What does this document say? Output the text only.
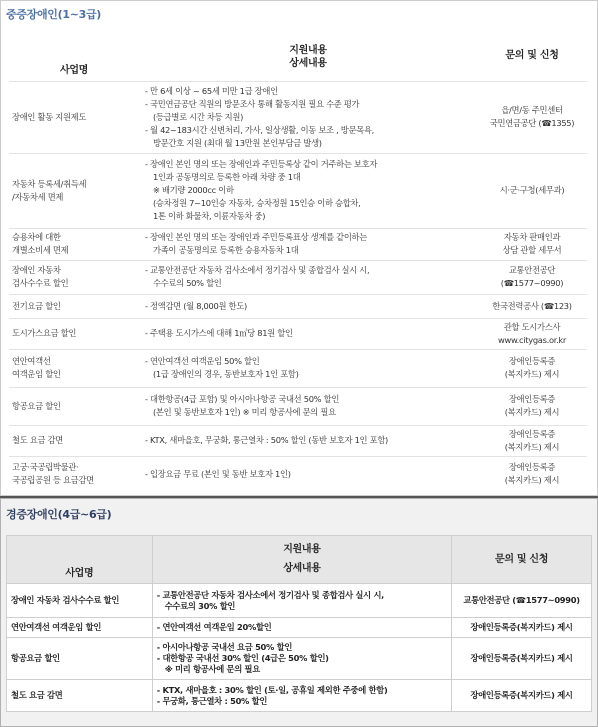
중증장애인(1~3급)
사업명	지원내용	문의 및 신청
	상세내용	

장애인 활동 지원제도	- 만 6세 이상 ~ 65세 미만 1급 장애인
- 국민연금공단 직원의 방문조사 통해 활동지원 필요 수준 평가
(등급별로 시간 차등 지원)
- 월 42~183시간 신변처리, 가사, 일상생활, 이동 보조 , 방문목욕,
방문간호 지원 (최대 월 13만원 본인부담금 발생)	읍/면/동 주민센터
국민연금공단 (☎1355)

자동차 등록세/취득세
/자동차세 면제	- 장애인 본인 명의 또는 장애인과 주민등록상 같이 거주하는 보호자
1인과 공동명의로 등록한 아래 차량 중 1대
※ 배기량 2000cc 이하
(승차정원 7~10인승 자동차, 승차정원 15인승 이하 승합차,
1톤 이하 화물차, 이륜자동차 중)	시·군·구청(세무과)

승용차에 대한
개별소비세 면제	- 장애인 본인 명의 또는 장애인과 주민등록표상 생계를 같이하는
가족이 공동명의로 등록한 승용자동차 1대	자동차 판매인과
상담 관할 세무서

장애인 자동차
검사수수료 할인	- 교통안전공단 자동차 검사소에서 정기검사 및 종합검사 실시 시,
수수료의 50% 할인	교통안전공단
(☎1577~0990)

전기요금 할인	- 정액감면 (월 8,000원 한도)	한국전력공사 (☎123)

도시가스요금 할인	- 주택용 도시가스에 대해 1㎥당 81원 할인	관할 도시가스사
www.citygas.or.kr

연안여객선
여객운임 할인	- 연안여객선 여객운임 50% 할인
(1급 장애인의 경우, 동반보호자 1인 포함)	장애인등록증
(복지카드) 제시

항공요금 할인	- 대한항공(4급 포함) 및 아시아나항공 국내선 50% 할인
(본인 및 동반보호자 1인) ※ 미리 항공사에 문의 필요	장애인등록증
(복지카드) 제시

철도 요금 감면	- KTX, 새마을호, 무궁화, 통근열차 : 50% 할인 (동반 보호자 1인 포함)	장애인등록증
(복지카드) 제시

고궁·국공립박물관·
국공립공원 등 요금감면	- 입장요금 무료 (본인 및 동반 보호자 1인)	장애인등록증
(복지카드) 제시
경증장애인(4급~6급)
사업명	지원내용	문의 및 신청
	상세내용	

장애인 자동차 검사수수료 할인	- 교통안전공단 자동차 검사소에서 정기검사 및 종합검사 실시 시,
수수료의 30% 할인	교통안전공단 (☎1577~0990)

연안여객선 여객운임 할인	- 연안여객선 여객운임 20%할인	장애인등록증(복지카드) 제시

항공요금 할인	- 아시아나항공 국내선 요금 50% 할인
- 대한항공 국내선 30% 할인 (4급은 50% 할인)
※ 미리 항공사에 문의 필요	장애인등록증(복지카드) 제시

철도 요금 감면	- KTX, 새마을호 : 30% 할인 (토·일, 공휴일 제외한 주중에 한함)
- 무궁화, 통근열차 : 50% 할인	장애인등록증(복지카드) 제시
